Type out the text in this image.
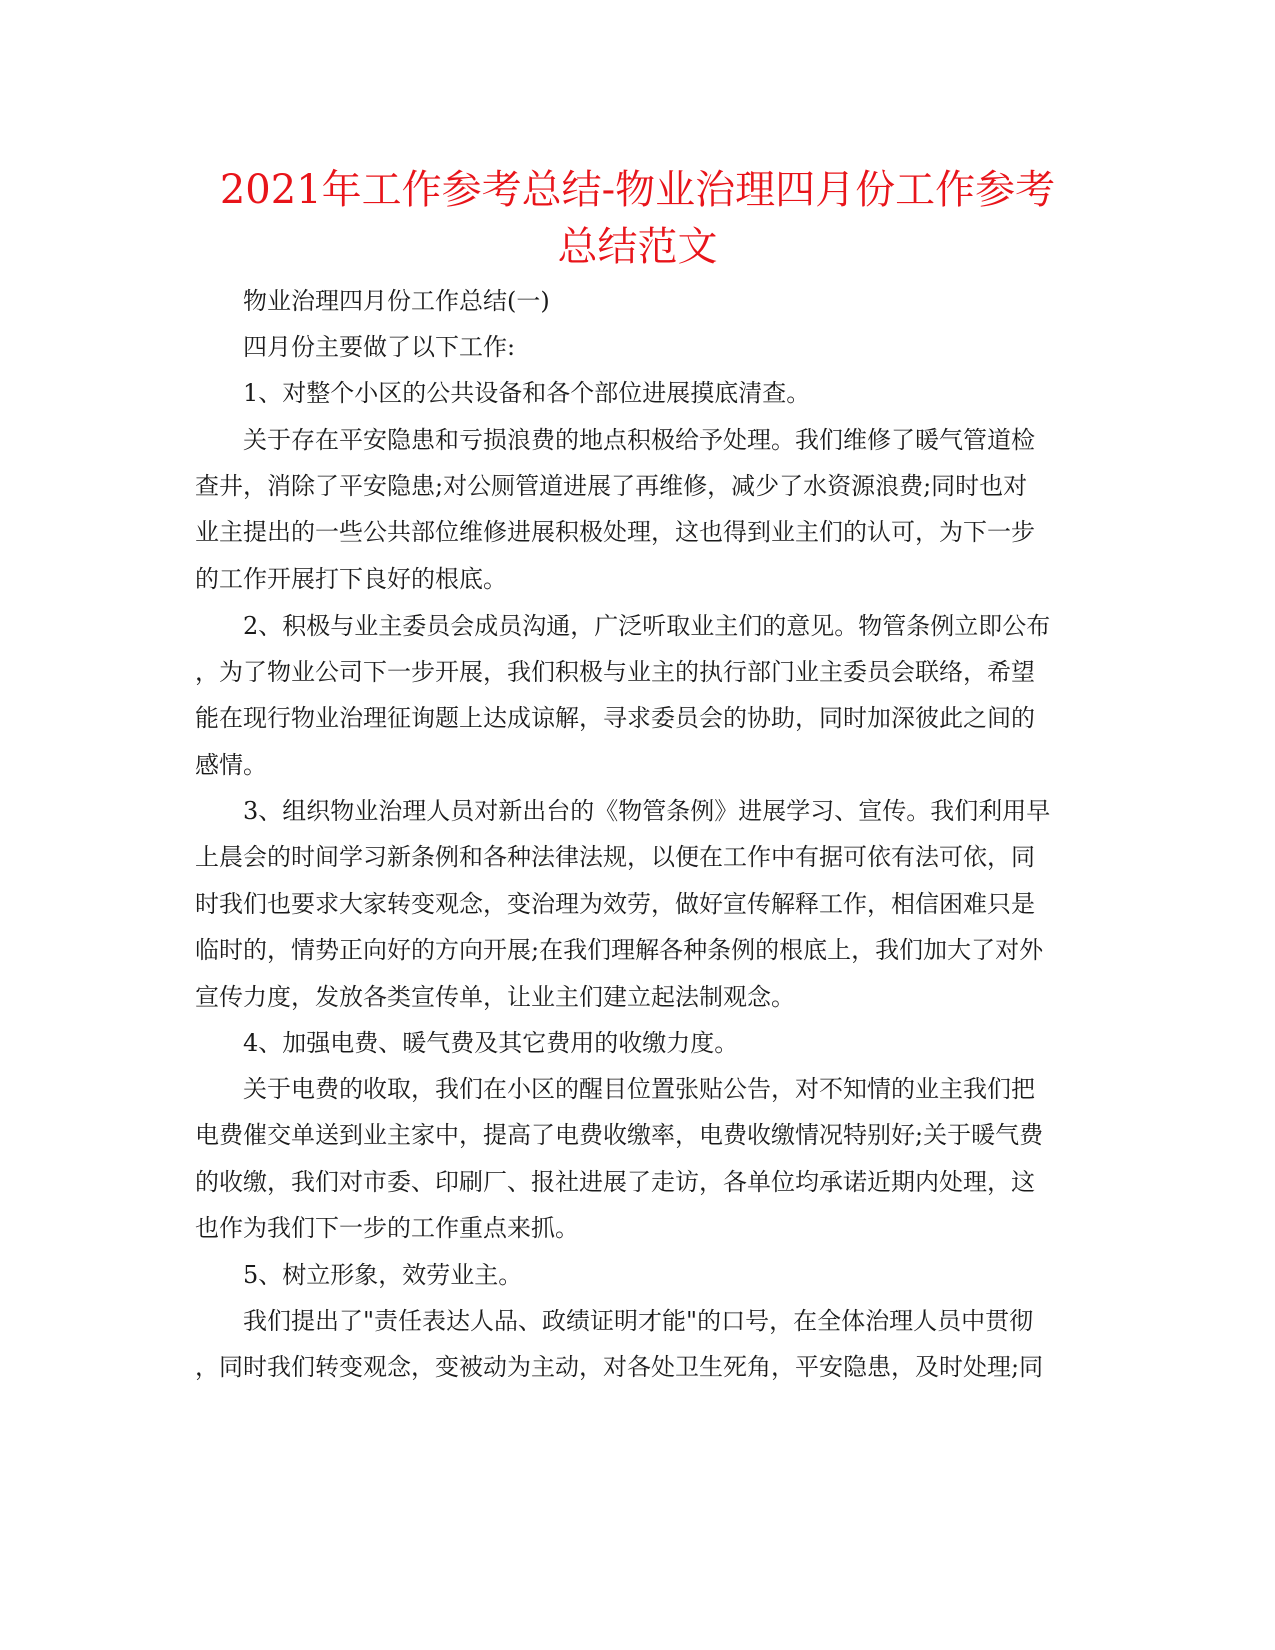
2021年工作参考总结-物业治理四月份工作参考
总结范文

物业治理四月份工作总结(一)

四月份主要做了以下工作:

1、对整个小区的公共设备和各个部位进展摸底清查。

关于存在平安隐患和亏损浪费的地点积极给予处理。我们维修了暖气管道检

查井，消除了平安隐患;对公厕管道进展了再维修，减少了水资源浪费;同时也对

业主提出的一些公共部位维修进展积极处理，这也得到业主们的认可，为下一步

的工作开展打下良好的根底。

2、积极与业主委员会成员沟通，广泛听取业主们的意见。物管条例立即公布

，为了物业公司下一步开展，我们积极与业主的执行部门业主委员会联络，希望

能在现行物业治理征询题上达成谅解，寻求委员会的协助，同时加深彼此之间的

感情。

3、组织物业治理人员对新出台的《物管条例》进展学习、宣传。我们利用早

上晨会的时间学习新条例和各种法律法规，以便在工作中有据可依有法可依，同

时我们也要求大家转变观念，变治理为效劳，做好宣传解释工作，相信困难只是

临时的，情势正向好的方向开展;在我们理解各种条例的根底上，我们加大了对外

宣传力度，发放各类宣传单，让业主们建立起法制观念。

4、加强电费、暖气费及其它费用的收缴力度。

关于电费的收取，我们在小区的醒目位置张贴公告，对不知情的业主我们把

电费催交单送到业主家中，提高了电费收缴率，电费收缴情况特别好;关于暖气费

的收缴，我们对市委、印刷厂、报社进展了走访，各单位均承诺近期内处理，这

也作为我们下一步的工作重点来抓。

5、树立形象，效劳业主。

我们提出了"责任表达人品、政绩证明才能"的口号，在全体治理人员中贯彻

，同时我们转变观念，变被动为主动，对各处卫生死角，平安隐患，及时处理;同
